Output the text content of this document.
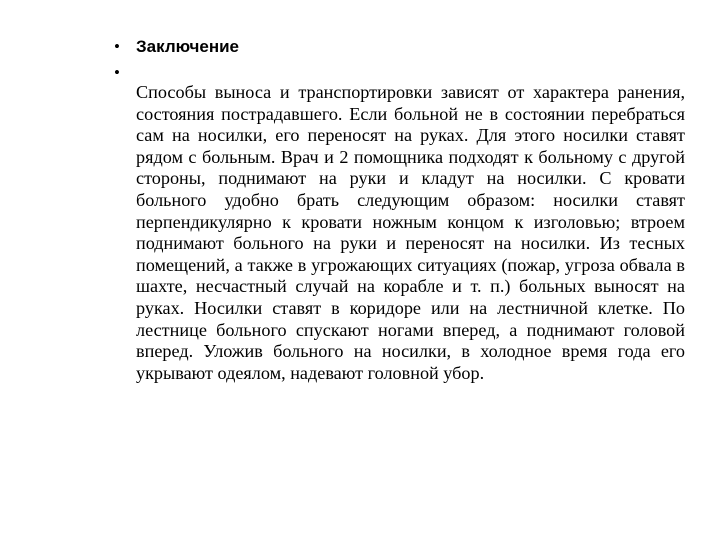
• Заключение
•

Способы выноса и транспортировки зависят от характера ранения, состояния пострадавшего. Если больной не в состоянии перебраться сам на носилки, его переносят на руках. Для этого носилки ставят рядом с больным. Врач и 2 помощника подходят к больному с другой стороны, поднимают на руки и кладут на носилки. С кровати больного удобно брать следующим образом: носилки ставят перпендикулярно к кровати ножным концом к изголовью; втроем поднимают больного на руки и переносят на носилки. Из тесных помещений, а также в угрожающих ситуациях (пожар, угроза обвала в шахте, несчастный случай на корабле и т. п.) больных выносят на руках. Носилки ставят в коридоре или на лестничной клетке. По лестнице больного спускают ногами вперед, а поднимают головой вперед. Уложив больного на носилки, в холодное время года его укрывают одеялом, надевают головной убор.
